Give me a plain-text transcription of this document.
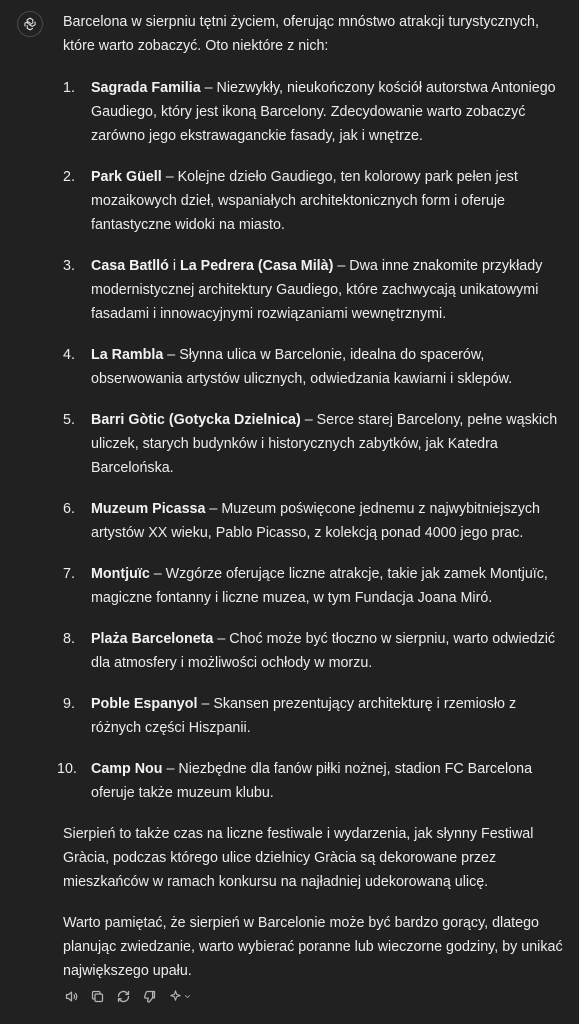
Barcelona w sierpniu tętni życiem, oferując mnóstwo atrakcji turystycznych, które warto zobaczyć. Oto niektóre z nich:

1.	Sagrada Familia – Niezwykły, nieukończony kościół autorstwa Antoniego Gaudiego, który jest ikoną Barcelony. Zdecydowanie warto zobaczyć zarówno jego ekstrawaganckie fasady, jak i wnętrze.
2.	Park Güell – Kolejne dzieło Gaudiego, ten kolorowy park pełen jest mozaikowych dzieł, wspaniałych architektonicznych form i oferuje fantastyczne widoki na miasto.
3.	Casa Batlló i La Pedrera (Casa Milà) – Dwa inne znakomite przykłady modernistycznej architektury Gaudiego, które zachwycają unikatowymi fasadami i innowacyjnymi rozwiązaniami wewnętrznymi.
4.	La Rambla – Słynna ulica w Barcelonie, idealna do spacerów, obserwowania artystów ulicznych, odwiedzania kawiarni i sklepów.
5.	Barri Gòtic (Gotycka Dzielnica) – Serce starej Barcelony, pełne wąskich uliczek, starych budynków i historycznych zabytków, jak Katedra Barcelońska.
6.	Muzeum Picassa – Muzeum poświęcone jednemu z najwybitniejszych artystów XX wieku, Pablo Picasso, z kolekcją ponad 4000 jego prac.
7.	Montjuïc – Wzgórze oferujące liczne atrakcje, takie jak zamek Montjuïc, magiczne fontanny i liczne muzea, w tym Fundacja Joana Miró.
8.	Plaża Barceloneta – Choć może być tłoczno w sierpniu, warto odwiedzić dla atmosfery i możliwości ochłody w morzu.
9.	Poble Espanyol – Skansen prezentujący architekturę i rzemiosło z różnych części Hiszpanii.
10. Camp Nou – Niezbędne dla fanów piłki nożnej, stadion FC Barcelona oferuje także muzeum klubu.

Sierpień to także czas na liczne festiwale i wydarzenia, jak słynny Festiwal Gràcia, podczas którego ulice dzielnicy Gràcia są dekorowane przez mieszkańców w ramach konkursu na najładniej udekorowaną ulicę.

Warto pamiętać, że sierpień w Barcelonie może być bardzo gorący, dlatego planując zwiedzanie, warto wybierać poranne lub wieczorne godziny, by unikać największego upału.
